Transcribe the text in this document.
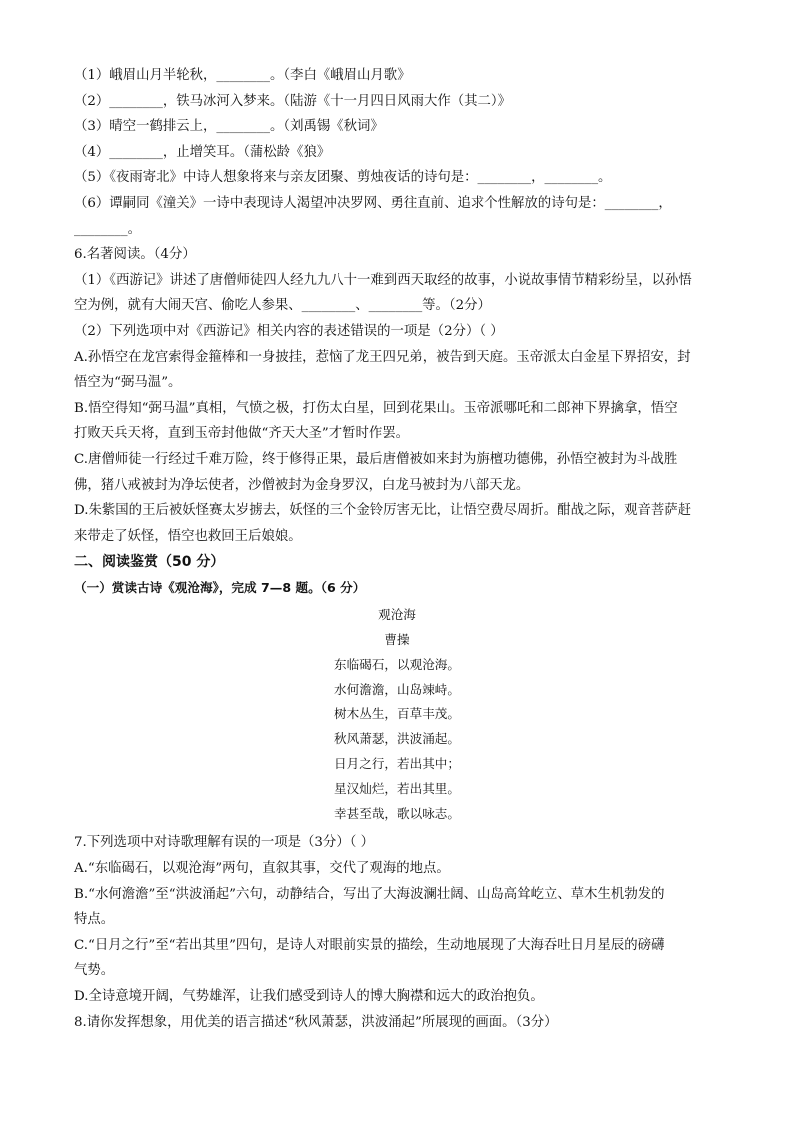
（1）峨眉山月半轮秋，________。（李白《峨眉山月歌》
（2）________，铁马冰河入梦来。（陆游《十一月四日风雨大作（其二）》
（3）晴空一鹤排云上，________。（刘禹锡《秋词》
（4）________，止增笑耳。（蒲松龄《狼》
（5）《夜雨寄北》中诗人想象将来与亲友团聚、剪烛夜话的诗句是：________，________。
（6）谭嗣同《潼关》一诗中表现诗人渴望冲决罗网、勇往直前、追求个性解放的诗句是：________，
________。
6.名著阅读。（4分）
（1）《西游记》讲述了唐僧师徒四人经九九八十一难到西天取经的故事，小说故事情节精彩纷呈，以孙悟
空为例，就有大闹天宫、偷吃人参果、________、________等。（2分）
（2）下列选项中对《西游记》相关内容的表述错误的一项是（2分）（ ）
A.孙悟空在龙宫索得金箍棒和一身披挂，惹恼了龙王四兄弟，被告到天庭。玉帝派太白金星下界招安，封
悟空为“弼马温”。
B.悟空得知“弼马温”真相，气愤之极，打伤太白星，回到花果山。玉帝派哪吒和二郎神下界擒拿，悟空
打败天兵天将，直到玉帝封他做“齐天大圣”才暂时作罢。
C.唐僧师徒一行经过千难万险，终于修得正果，最后唐僧被如来封为旃檀功德佛，孙悟空被封为斗战胜
佛，猪八戒被封为净坛使者，沙僧被封为金身罗汉，白龙马被封为八部天龙。
D.朱紫国的王后被妖怪赛太岁掳去，妖怪的三个金铃厉害无比，让悟空费尽周折。酣战之际，观音菩萨赶
来带走了妖怪，悟空也救回王后娘娘。
二、阅读鉴赏（50 分）
（一）赏读古诗《观沧海》，完成 7—8 题。（6 分）
观沧海
曹操
东临碣石，以观沧海。
水何澹澹，山岛竦峙。
树木丛生，百草丰茂。
秋风萧瑟，洪波涌起。
日月之行，若出其中；
星汉灿烂，若出其里。
幸甚至哉，歌以咏志。
7.下列选项中对诗歌理解有误的一项是（3分）（ ）
A.“东临碣石，以观沧海”两句，直叙其事，交代了观海的地点。
B.“水何澹澹”至“洪波涌起”六句，动静结合，写出了大海波澜壮阔、山岛高耸屹立、草木生机勃发的
特点。
C.“日月之行”至“若出其里”四句，是诗人对眼前实景的描绘，生动地展现了大海吞吐日月星辰的磅礴
气势。
D.全诗意境开阔，气势雄浑，让我们感受到诗人的博大胸襟和远大的政治抱负。
8.请你发挥想象，用优美的语言描述“秋风萧瑟，洪波涌起”所展现的画面。（3分）
